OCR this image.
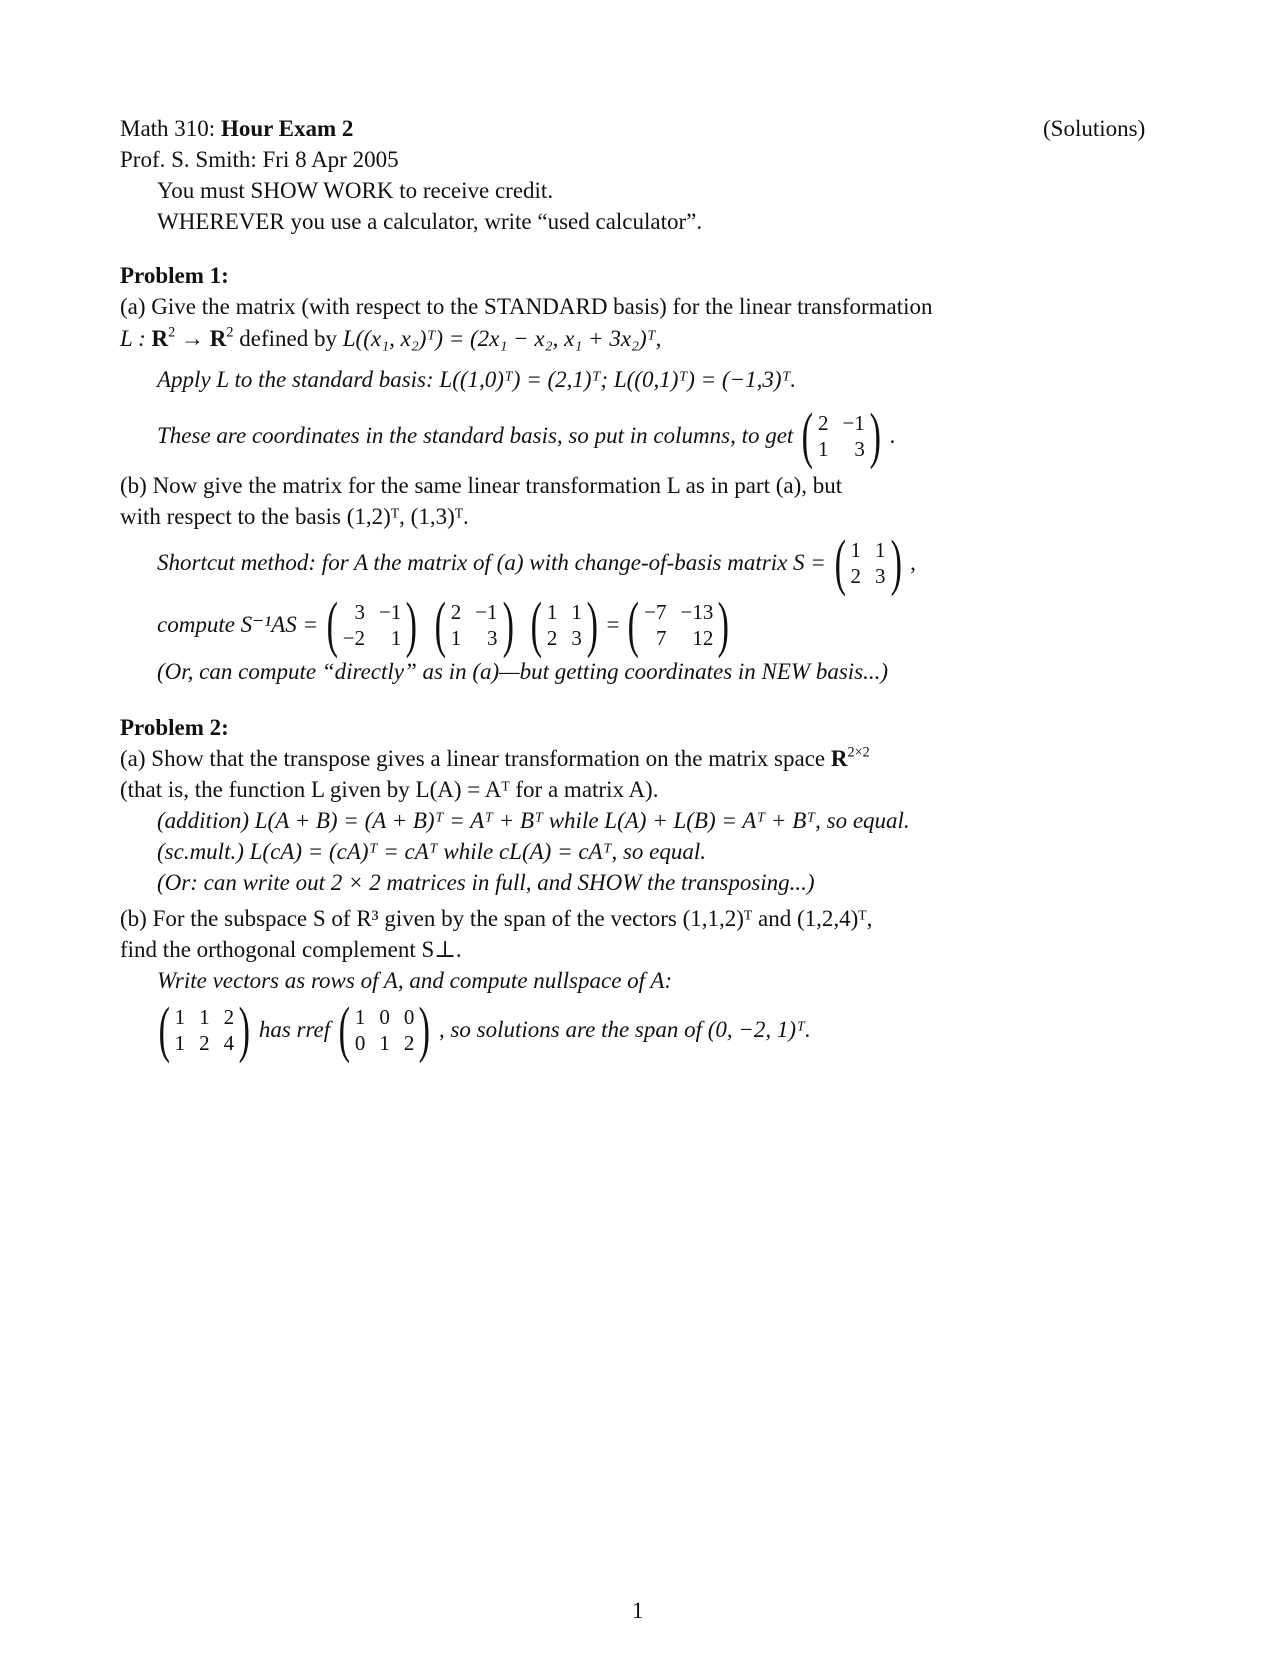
Math 310: Hour Exam 2	(Solutions)
Prof. S. Smith: Fri 8 Apr 2005
You must SHOW WORK to receive credit.
WHEREVER you use a calculator, write “used calculator”.
Problem 1:
(a) Give the matrix (with respect to the STANDARD basis) for the linear transformation
L : $R^2 \to R^2$ defined by L((x₁, x₂)ᵀ) = (2x₁ − x₂, x₁ + 3x₂)ᵀ,
Apply L to the standard basis: L((1,0)ᵀ) = (2,1)ᵀ; L((0,1)ᵀ) = (−1,3)ᵀ.
These are coordinates in the standard basis, so put in columns, to get ( 2 −1
1	3 ) .
(b) Now give the matrix for the same linear transformation L as in part (a), but
with respect to the basis (1,2)ᵀ, (1,3)ᵀ.
Shortcut method: for A the matrix of (a) with change-of-basis matrix S = ( 1 1
2 3 ) ,
compute S⁻¹AS = ( 3 −1
−2	1 ) ( 2 −1
1	3 ) ( 1 1
2 3 ) = ( −7 −13
7	12 )
(Or, can compute “directly” as in (a)—but getting coordinates in NEW basis...)
Problem 2:
(a) Show that the transpose gives a linear transformation on the matrix space $R^{2\times 2}$
(that is, the function L given by L(A) = Aᵀ for a matrix A).
(addition) L(A + B) = (A + B)ᵀ = Aᵀ + Bᵀ while L(A) + L(B) = Aᵀ + Bᵀ, so equal.
(sc.mult.) L(cA) = (cA)ᵀ = cAᵀ while cL(A) = cAᵀ, so equal.
(Or: can write out 2 × 2 matrices in full, and SHOW the transposing...)
(b) For the subspace S of R³ given by the span of the vectors (1,1,2)ᵀ and (1,2,4)ᵀ,
find the orthogonal complement S⊥.
Write vectors as rows of A, and compute nullspace of A:
( 1 1 2
1 2 4 ) has rref ( 1 0 0
0 1 2 ) , so solutions are the span of (0, −2, 1)ᵀ.
1
